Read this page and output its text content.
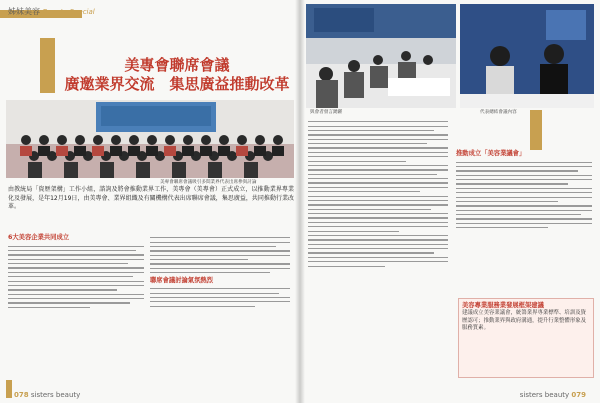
姊妹美容 Beauty Special
美專會聯席會議
廣邀業界交流　集思廣益推動改革
美專會聯席會議吸引多間業界代表出席參與討論
由教統局「資歷架構」工作小組，諮詢及將會推動業界工作，美專會（美專會）正式成立，以推動業界專業化及發展，是年12月19日，由美專會、業界組織及有關機構代表出席聯席會議，集思廣益，共同推動行業改革。
6大美容企業共同成立
聯席會議討論氣氛熱烈
078 sisters beauty
與會者發言踴躍	代表總結會議內容
推動成立「美容業議會」
sisters beauty 079
美容專業服務業發展框架建議
建議成立美容業議會，統籌業界專業標準、培訓及資歷認可；推動業界與政府溝通，提升行業整體形象及服務質素。
